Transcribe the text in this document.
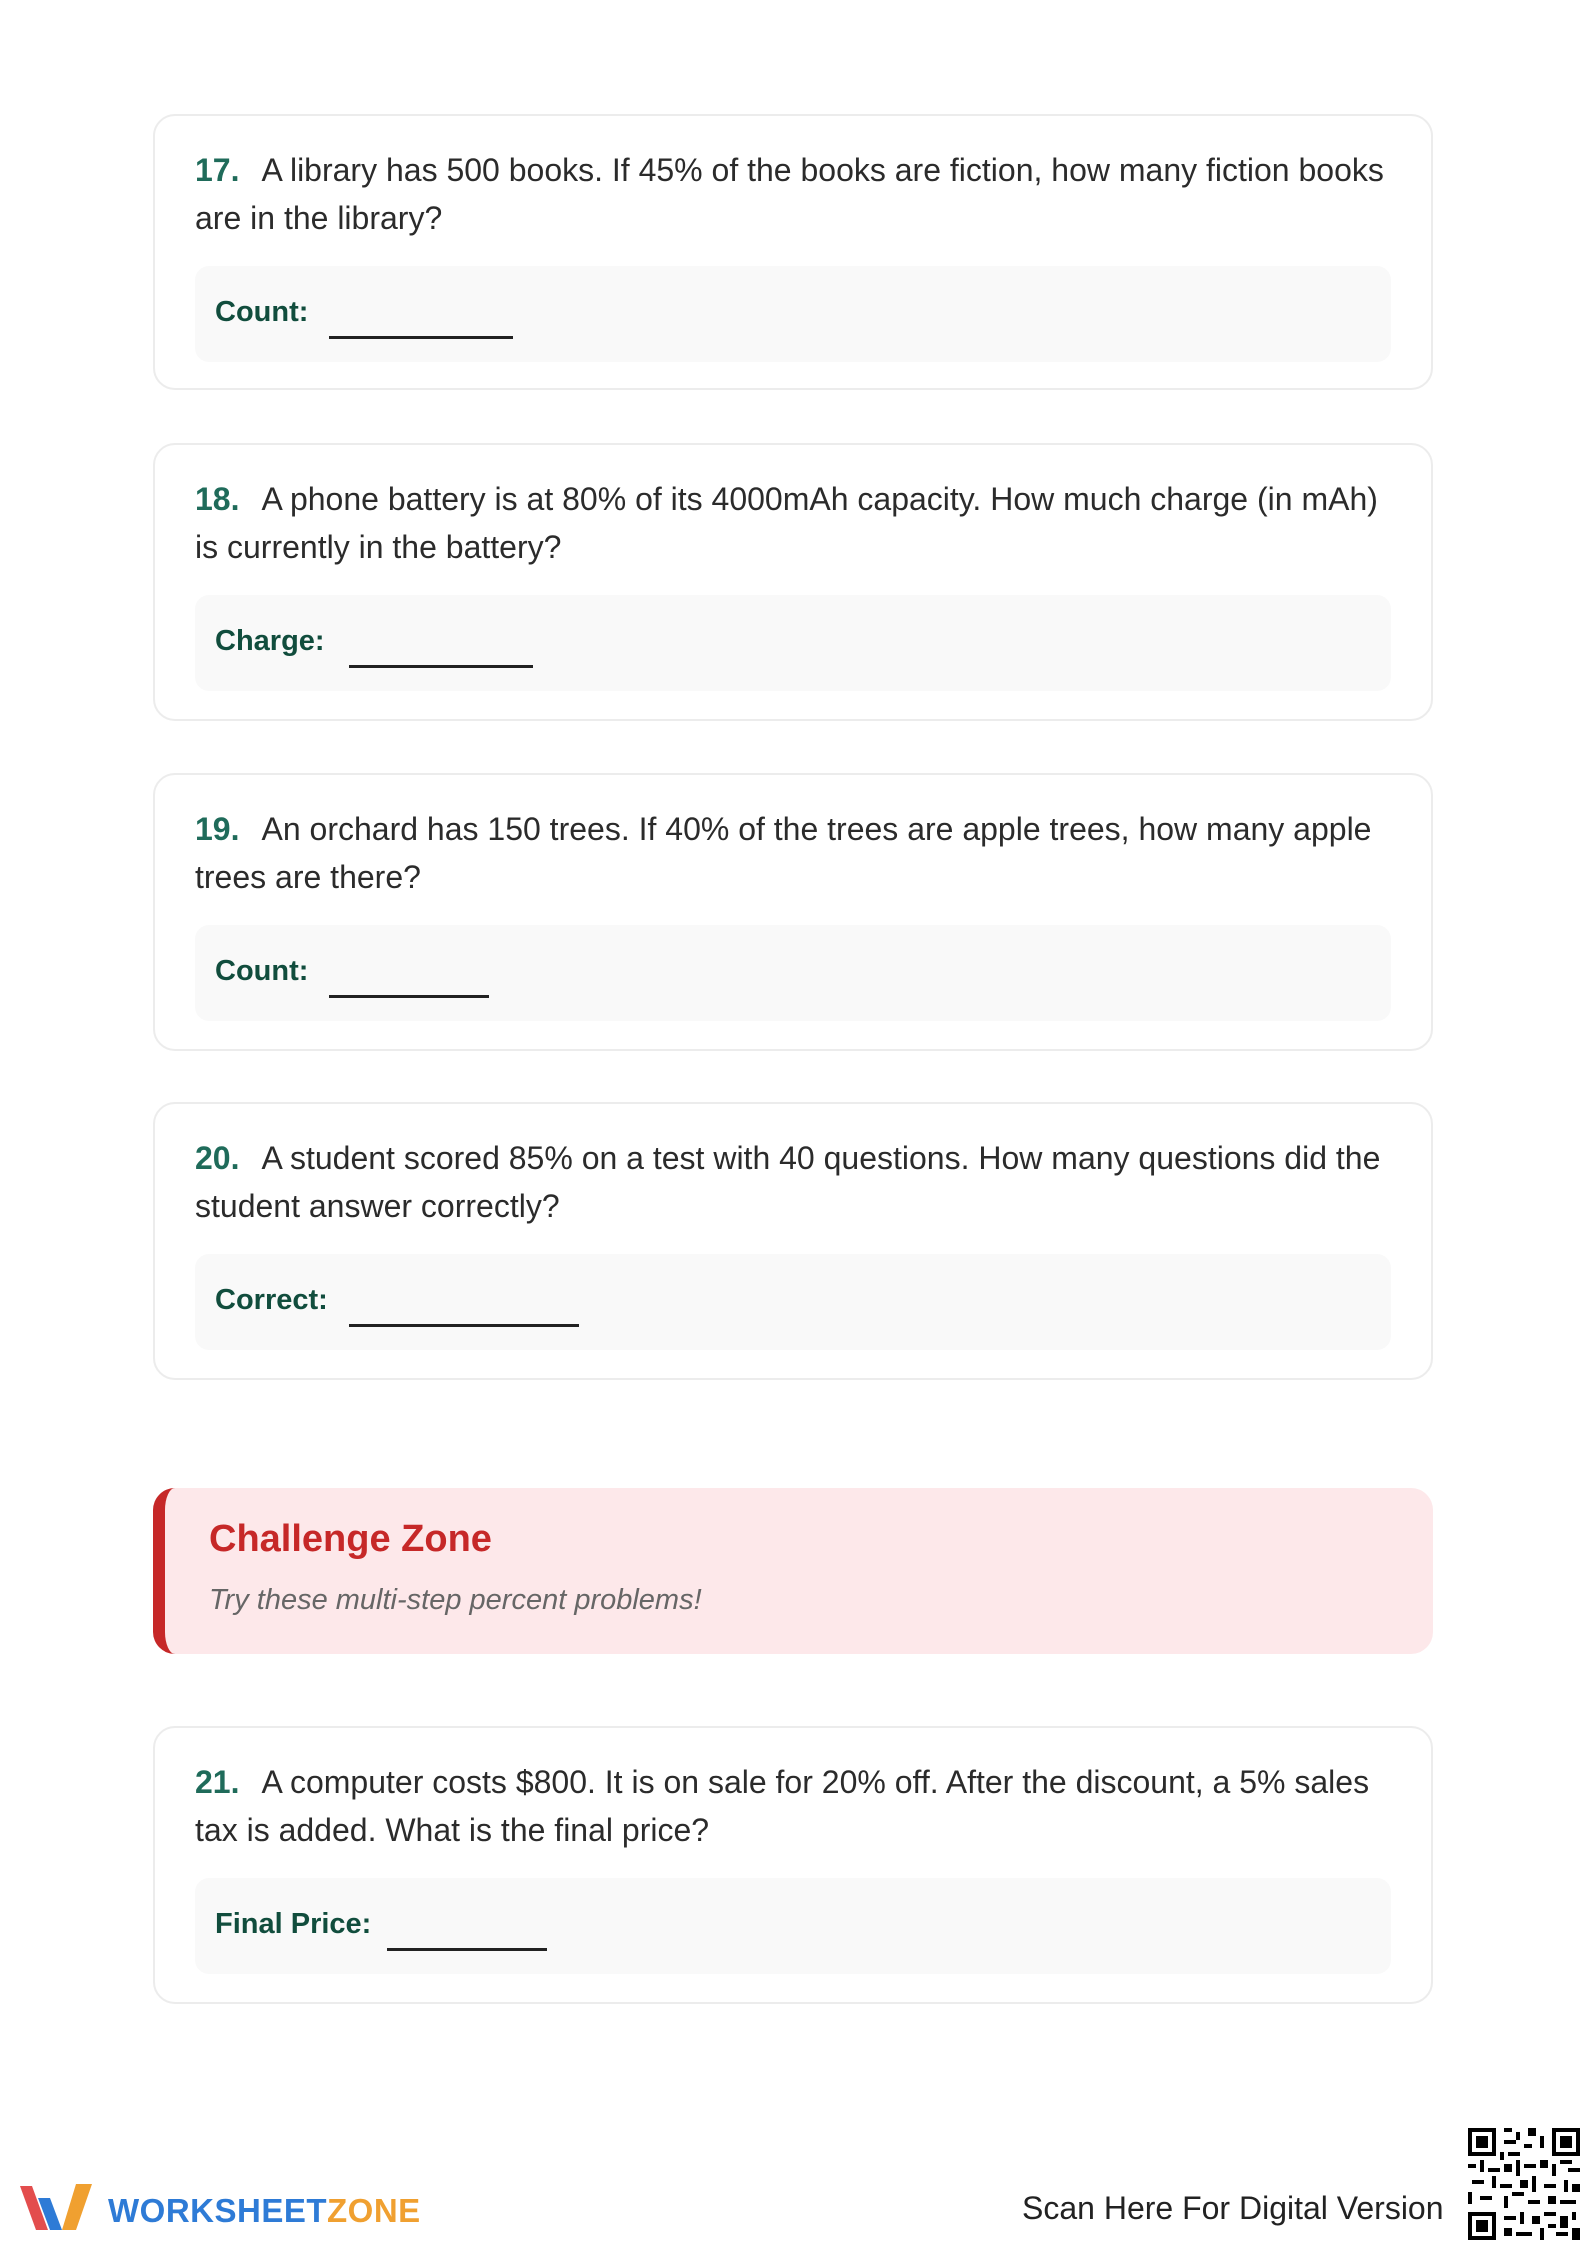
17. A library has 500 books. If 45% of the books are fiction, how many fiction books are in the library?
Count:
18. A phone battery is at 80% of its 4000mAh capacity. How much charge (in mAh) is currently in the battery?
Charge:
19. An orchard has 150 trees. If 40% of the trees are apple trees, how many apple trees are there?
Count:
20. A student scored 85% on a test with 40 questions. How many questions did the student answer correctly?
Correct:
Challenge Zone
Try these multi-step percent problems!
21. A computer costs $800. It is on sale for 20% off. After the discount, a 5% sales tax is added. What is the final price?
Final Price:
WORKSHEETZONE	Scan Here For Digital Version
